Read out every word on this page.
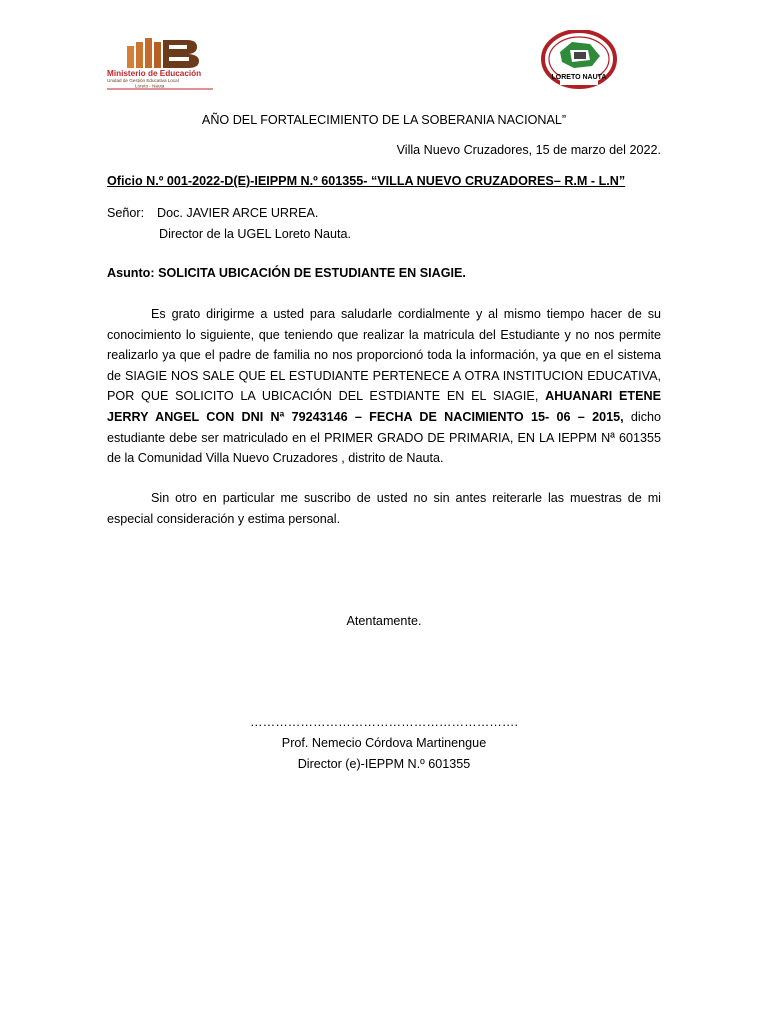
Ministerio de Educación
Unidad de Gestión Educativa Local
Loreto - Nauta
LORETO NAUTA
AÑO DEL FORTALECIMIENTO DE LA SOBERANIA NACIONAL”
Villa Nuevo Cruzadores, 15 de marzo del 2022.
Oficio N.º 001-2022-D(E)-IEIPPM N.º 601355- “VILLA NUEVO CRUZADORES– R.M - L.N”
Señor: Doc. JAVIER ARCE URREA.
Director de la UGEL Loreto Nauta.
Asunto: SOLICITA UBICACIÓN DE ESTUDIANTE EN SIAGIE.
Es grato dirigirme a usted para saludarle cordialmente y al mismo tiempo hacer de su conocimiento lo siguiente, que teniendo que realizar la matricula del Estudiante y no nos permite realizarlo ya que el padre de familia no nos proporcionó toda la información, ya que en el sistema de SIAGIE NOS SALE QUE EL ESTUDIANTE PERTENECE A OTRA INSTITUCION EDUCATIVA, POR QUE SOLICITO LA UBICACIÓN DEL ESTDIANTE EN EL SIAGIE, AHUANARI ETENE JERRY ANGEL CON DNI Nª 79243146 – FECHA DE NACIMIENTO 15- 06 – 2015, dicho estudiante debe ser matriculado en el PRIMER GRADO DE PRIMARIA, EN LA IEPPM Nª 601355 de la Comunidad Villa Nuevo Cruzadores , distrito de Nauta.
Sin otro en particular me suscribo de usted no sin antes reiterarle las muestras de mi especial consideración y estima personal.
Atentamente.
……………………………………………………….
Prof. Nemecio Córdova Martinengue
Director (e)-IEPPM N.º 601355
